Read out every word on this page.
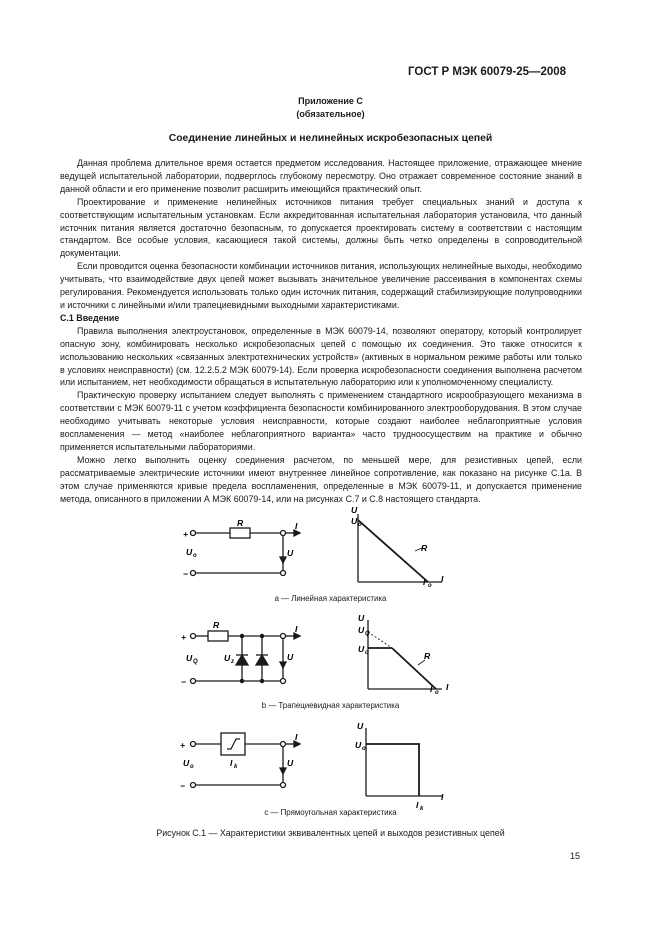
ГОСТ Р МЭК 60079-25—2008
Приложение С
(обязательное)
Соединение линейных и нелинейных искробезопасных цепей

Данная проблема длительное время остается предметом исследования. Настоящее приложение, отражающее мнение ведущей испытательной лаборатории, подверглось глубокому пересмотру. Оно отражает современное состояние знаний в данной области и его применение позволит расширить имеющийся практический опыт.

Проектирование и применение нелинейных источников питания требует специальных знаний и доступа к соответствующим испытательным установкам. Если аккредитованная испытательная лаборатория установила, что данный источник питания является достаточно безопасным, то допускается проектировать систему в соответствии с настоящим стандартом. Все особые условия, касающиеся такой системы, должны быть четко определены в сопроводительной документации.

Если проводится оценка безопасности комбинации источников питания, использующих нелинейные выходы, необходимо учитывать, что взаимодействие двух цепей может вызывать значительное увеличение рассеивания в компонентах схемы регулирования. Рекомендуется использовать только один источник питания, содержащий стабилизирующие полупроводники и источники с линейными и/или трапециевидными выходными характеристиками.

С.1 Введение

Правила выполнения электроустановок, определенные в МЭК 60079-14, позволяют оператору, который контролирует опасную зону, комбинировать несколько искробезопасных цепей с помощью их соединения. Это также относится к использованию нескольких «связанных электротехнических устройств» (активных в нормальном режиме работы или только в условиях неисправности) (см. 12.2.5.2 МЭК 60079-14). Если проверка искробезопасности соединения выполнена расчетом или испытанием, нет необходимости обращаться в испытательную лабораторию или к уполномоченному специалисту.

Практическую проверку испытанием следует выполнять с применением стандартного искрообразующего механизма в соответствии с МЭК 60079-11 с учетом коэффициента безопасности комбинированного электрооборудования. В этом случае необходимо учитывать некоторые условия неисправности, которые создают наиболее неблагоприятные условия воспламенения — метод «наиболее неблагоприятного варианта» часто трудноосуществим на практике и обычно применяется испытательными лабораториями.

Можно легко выполнить оценку соединения расчетом, по меньшей мере, для резистивных цепей, если рассматриваемые электрические источники имеют внутреннее линейное сопротивление, как показано на рисунке С.1а. В этом случае применяются кривые предела воспламенения, определенные в МЭК 60079-11, и допускается применение метода, описанного в приложении А МЭК 60079-14, или на рисунках С.7 и С.8 настоящего стандарта.

+
−
R	I
U
U o
U
U o
R
I o
I
+
−
R	I
U
U Q	U z
U
U Q
U o	R
I o
I
+
−
I
U
U o	I k
U
U o
I k
I
a — Линейная характеристика
b — Трапециевидная характеристика
c — Прямоугольная характеристика
Рисунок С.1 — Характеристики эквивалентных цепей и выходов резистивных цепей
15
